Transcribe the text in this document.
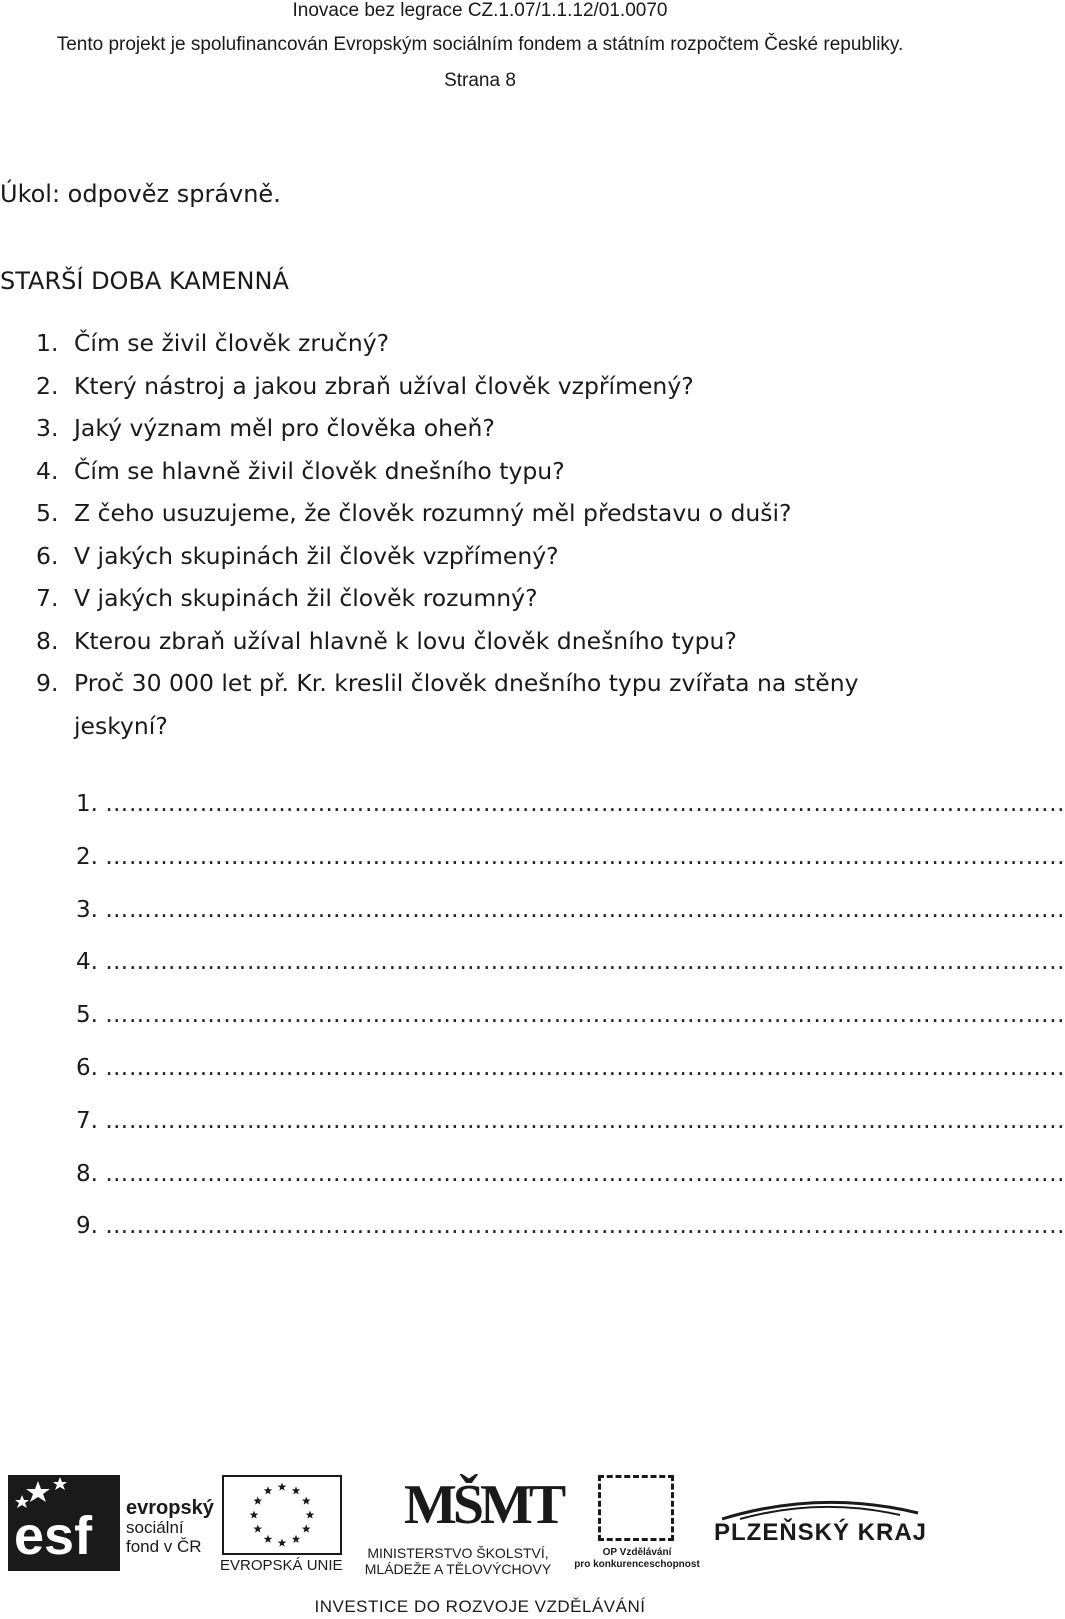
Inovace bez legrace CZ.1.07/1.1.12/01.0070
Tento projekt je spolufinancován Evropským sociálním fondem a státním rozpočtem České republiky.
Strana 8
Úkol: odpověz správně.
STARŠÍ DOBA KAMENNÁ
1. Čím se živil člověk zručný?
2. Který nástroj a jakou zbraň užíval člověk vzpřímený?
3. Jaký význam měl pro člověka oheň?
4. Čím se hlavně živil člověk dnešního typu?
5. Z čeho usuzujeme, že člověk rozumný měl představu o duši?
6. V jakých skupinách žil člověk vzpřímený?
7. V jakých skupinách žil člověk rozumný?
8. Kterou zbraň užíval hlavně k lovu člověk dnešního typu?
9. Proč 30 000 let př. Kr. kreslil člověk dnešního typu zvířata na stěny
jeskyní?
1. …………………………………………………………………………………………………………..
2. …………………………………………………………………………………………………………..
3. …………………………………………………………………………………………………………..
4. …………………………………………………………………………………………………………..
5. …………………………………………………………………………………………………………..
6. …………………………………………………………………………………………………………..
7. …………………………………………………………………………………………………………..
8. …………………………………………………………………………………………………………..
9. …………………………………………………………………………………………………………..
esf evropský
sociální
fond v ČR
EVROPSKÁ UNIE
MŠMT
MINISTERSTVO ŠKOLSTVÍ,
MLÁDEŽE A TĚLOVÝCHOVY
OP Vzdělávání
pro konkurenceschopnost
PLZEŇSKÝ KRAJ
INVESTICE DO ROZVOJE VZDĚLÁVÁNÍ
